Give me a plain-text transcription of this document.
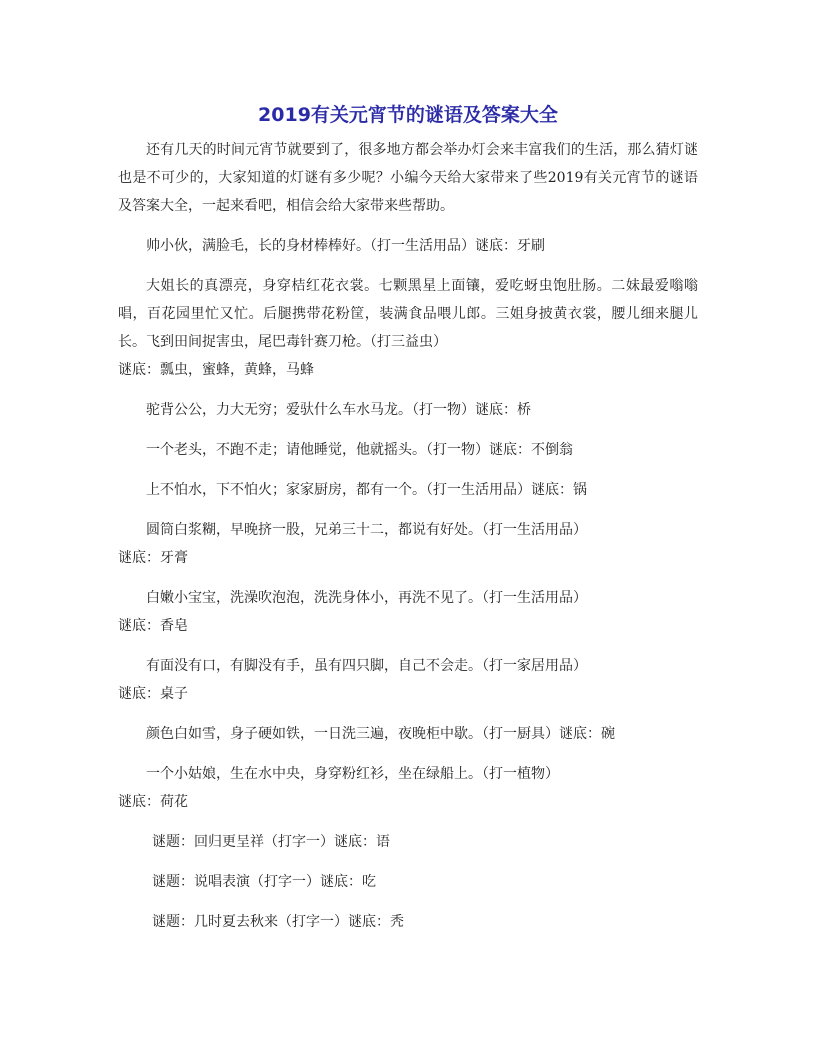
2019有关元宵节的谜语及答案大全

还有几天的时间元宵节就要到了，很多地方都会举办灯会来丰富我们的生活，那么猜灯谜也是不可少的，大家知道的灯谜有多少呢？小编今天给大家带来了些2019有关元宵节的谜语及答案大全，一起来看吧，相信会给大家带来些帮助。

帅小伙，满脸毛，长的身材棒棒好。（打一生活用品）谜底：牙刷

大姐长的真漂亮，身穿桔红花衣裳。七颗黑星上面镶，爱吃蚜虫饱肚肠。二妹最爱嗡嗡唱，百花园里忙又忙。后腿携带花粉筐，装满食品喂儿郎。三姐身披黄衣裳，腰儿细来腿儿长。飞到田间捉害虫，尾巴毒针赛刀枪。（打三益虫）

谜底：瓢虫，蜜蜂，黄蜂，马蜂

驼背公公，力大无穷；爱驮什么车水马龙。（打一物）谜底：桥

一个老头，不跑不走；请他睡觉，他就摇头。（打一物）谜底：不倒翁

上不怕水，下不怕火；家家厨房，都有一个。（打一生活用品）谜底：锅

圆筒白浆糊，早晚挤一股，兄弟三十二，都说有好处。（打一生活用品）

谜底：牙膏

白嫩小宝宝，洗澡吹泡泡，洗洗身体小，再洗不见了。（打一生活用品）

谜底：香皂

有面没有口，有脚没有手，虽有四只脚，自己不会走。（打一家居用品）

谜底：桌子

颜色白如雪，身子硬如铁，一日洗三遍，夜晚柜中歇。（打一厨具）谜底：碗

一个小姑娘，生在水中央，身穿粉红衫，坐在绿船上。（打一植物）

谜底：荷花

谜题：回归更呈祥（打字一）谜底：语

谜题：说唱表演（打字一）谜底：吃

谜题：几时夏去秋来（打字一）谜底：秃
